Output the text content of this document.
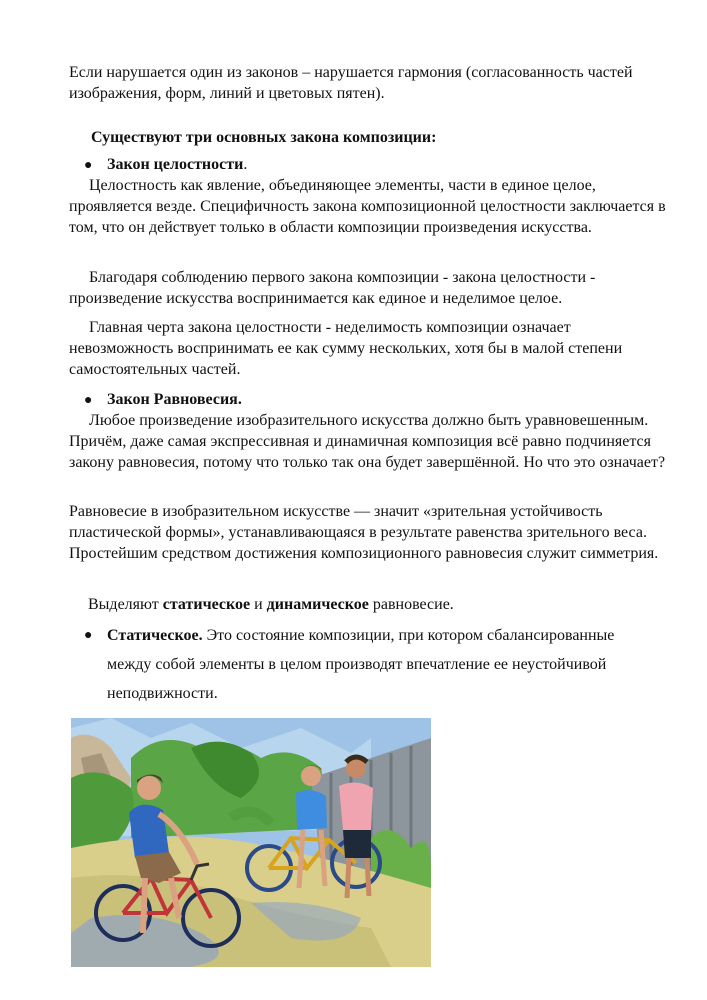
Если нарушается один из законов – нарушается гармония (согласованность частей изображения, форм, линий и цветовых пятен).

Существуют три основных закона композиции:

● Закон целостности.

Целостность как явление, объединяющее элементы, части в единое целое, проявляется везде. Специфичность закона композиционной целостности заключается в том, что он действует только в области композиции произведения искусства.

Благодаря соблюдению первого закона композиции - закона целостности - произведение искусства воспринимается как единое и неделимое целое.

Главная черта закона целостности - неделимость композиции означает невозможность воспринимать ее как сумму нескольких, хотя бы в малой степени самостоятельных частей.

● Закон Равновесия.

Любое произведение изобразительного искусства должно быть уравновешенным. Причём, даже самая экспрессивная и динамичная композиция всё равно подчиняется закону равновесия, потому что только так она будет завершённой. Но что это означает?

Равновесие в изобразительном искусстве — значит «зрительная устойчивость пластической формы», устанавливающаяся в результате равенства зрительного веса. Простейшим средством достижения композиционного равновесия служит симметрия.

Выделяют статическое и динамическое равновесие.

● Статическое. Это состояние композиции, при котором сбалансированные между собой элементы в целом производят впечатление ее неустойчивой неподвижности.
